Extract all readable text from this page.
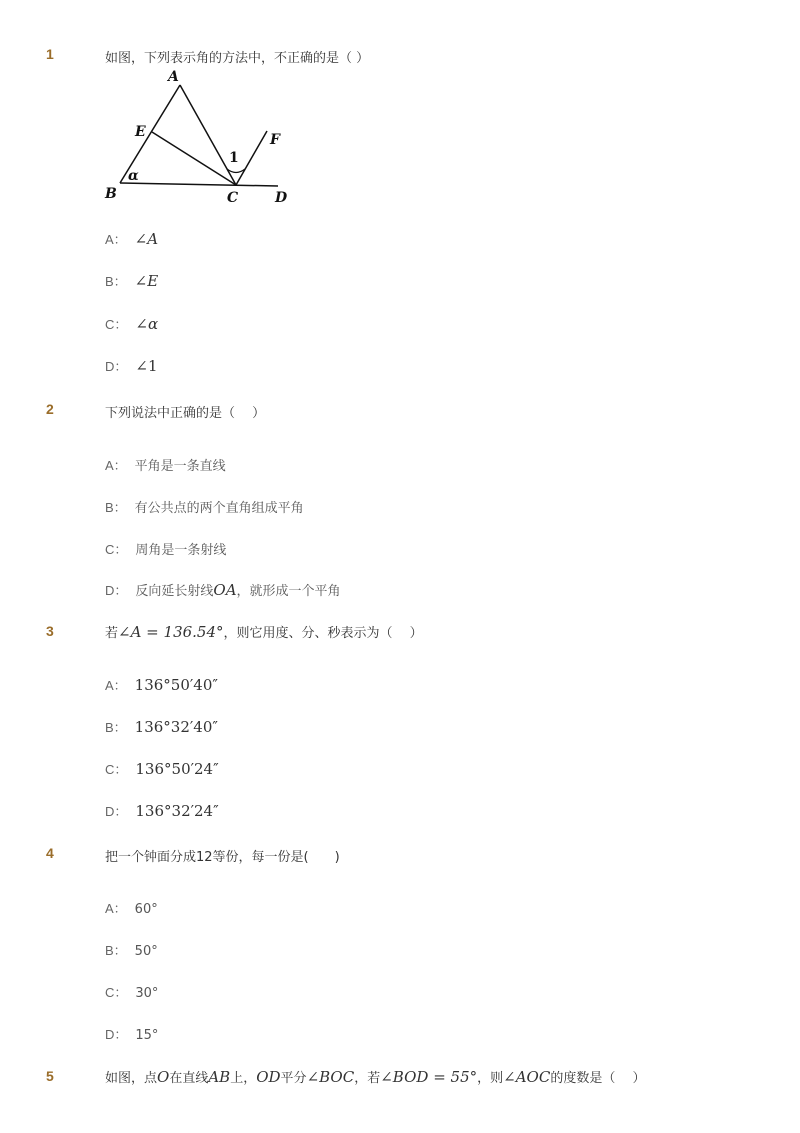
1	如图，下列表示角的方法中，不正确的是（ ）
A
E
B
α
1
C	D
F
A： ∠A
B： ∠E
C： ∠α
D： ∠1
2	下列说法中正确的是（　 ）
A： 平角是一条直线
B： 有公共点的两个直角组成平角
C： 周角是一条射线
D： 反向延长射线OA，就形成一个平角
3	若∠A = 136.54°，则它用度、分、秒表示为（　 ）
A： 136°50′40″
B： 136°32′40″
C： 136°50′24″
D： 136°32′24″
4	把一个钟面分成12等份，每一份是(　　)
A： 60°
B： 50°
C： 30°
D： 15°
5	如图，点O在直线AB上，OD平分∠BOC，若∠BOD = 55°，则∠AOC的度数是（　 ）
